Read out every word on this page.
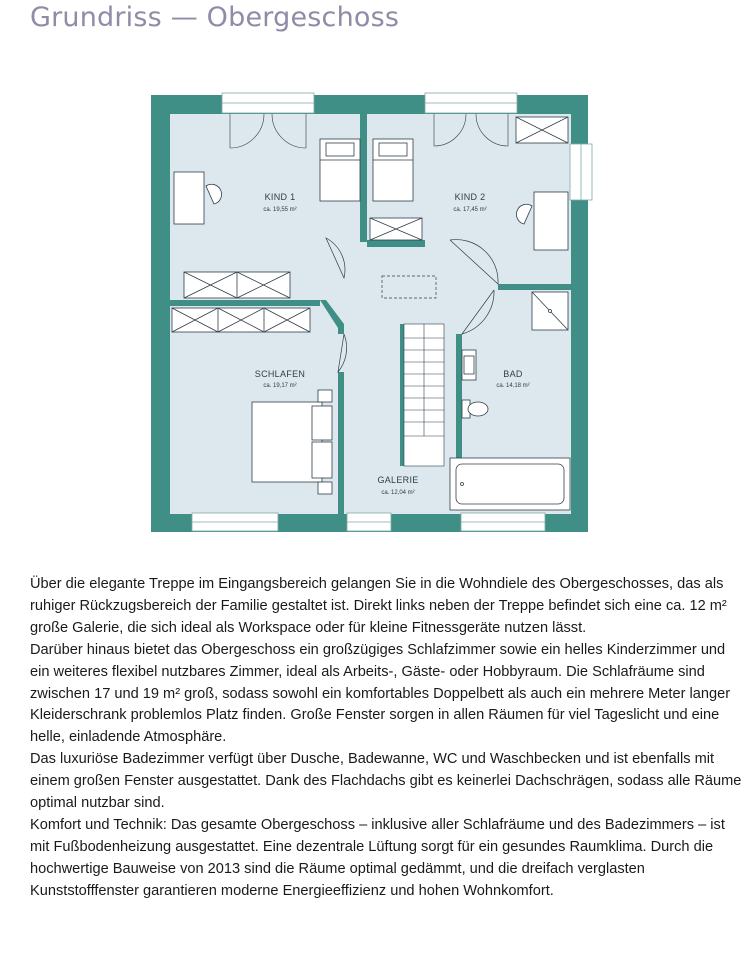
Grundriss — Obergeschoss
KIND 1
ca. 19,55 m²
KIND 2
ca. 17,45 m²
SCHLAFEN
ca. 19,17 m²
BAD
ca. 14,18 m²
GALERIE
ca. 12,04 m²

Über die elegante Treppe im Eingangsbereich gelangen Sie in die Wohndiele des Obergeschosses, das als ruhiger Rückzugsbereich der Familie gestaltet ist. Direkt links neben der Treppe befindet sich eine ca. 12 m² große Galerie, die sich ideal als Workspace oder für kleine Fitnessgeräte nutzen lässt.

Darüber hinaus bietet das Obergeschoss ein großzügiges Schlafzimmer sowie ein helles Kinderzimmer und ein weiteres flexibel nutzbares Zimmer, ideal als Arbeits-, Gäste- oder Hobbyraum. Die Schlafräume sind zwischen 17 und 19 m² groß, sodass sowohl ein komfortables Doppelbett als auch ein mehrere Meter langer Kleiderschrank problemlos Platz finden. Große Fenster sorgen in allen Räumen für viel Tageslicht und eine helle, einladende Atmosphäre.

Das luxuriöse Badezimmer verfügt über Dusche, Badewanne, WC und Waschbecken und ist ebenfalls mit einem großen Fenster ausgestattet. Dank des Flachdachs gibt es keinerlei Dachschrägen, sodass alle Räume optimal nutzbar sind.

Komfort und Technik: Das gesamte Obergeschoss – inklusive aller Schlafräume und des Badezimmers – ist mit Fußbodenheizung ausgestattet. Eine dezentrale Lüftung sorgt für ein gesundes Raumklima. Durch die hochwertige Bauweise von 2013 sind die Räume optimal gedämmt, und die dreifach verglasten Kunststofffenster garantieren moderne Energieeffizienz und hohen Wohnkomfort.
